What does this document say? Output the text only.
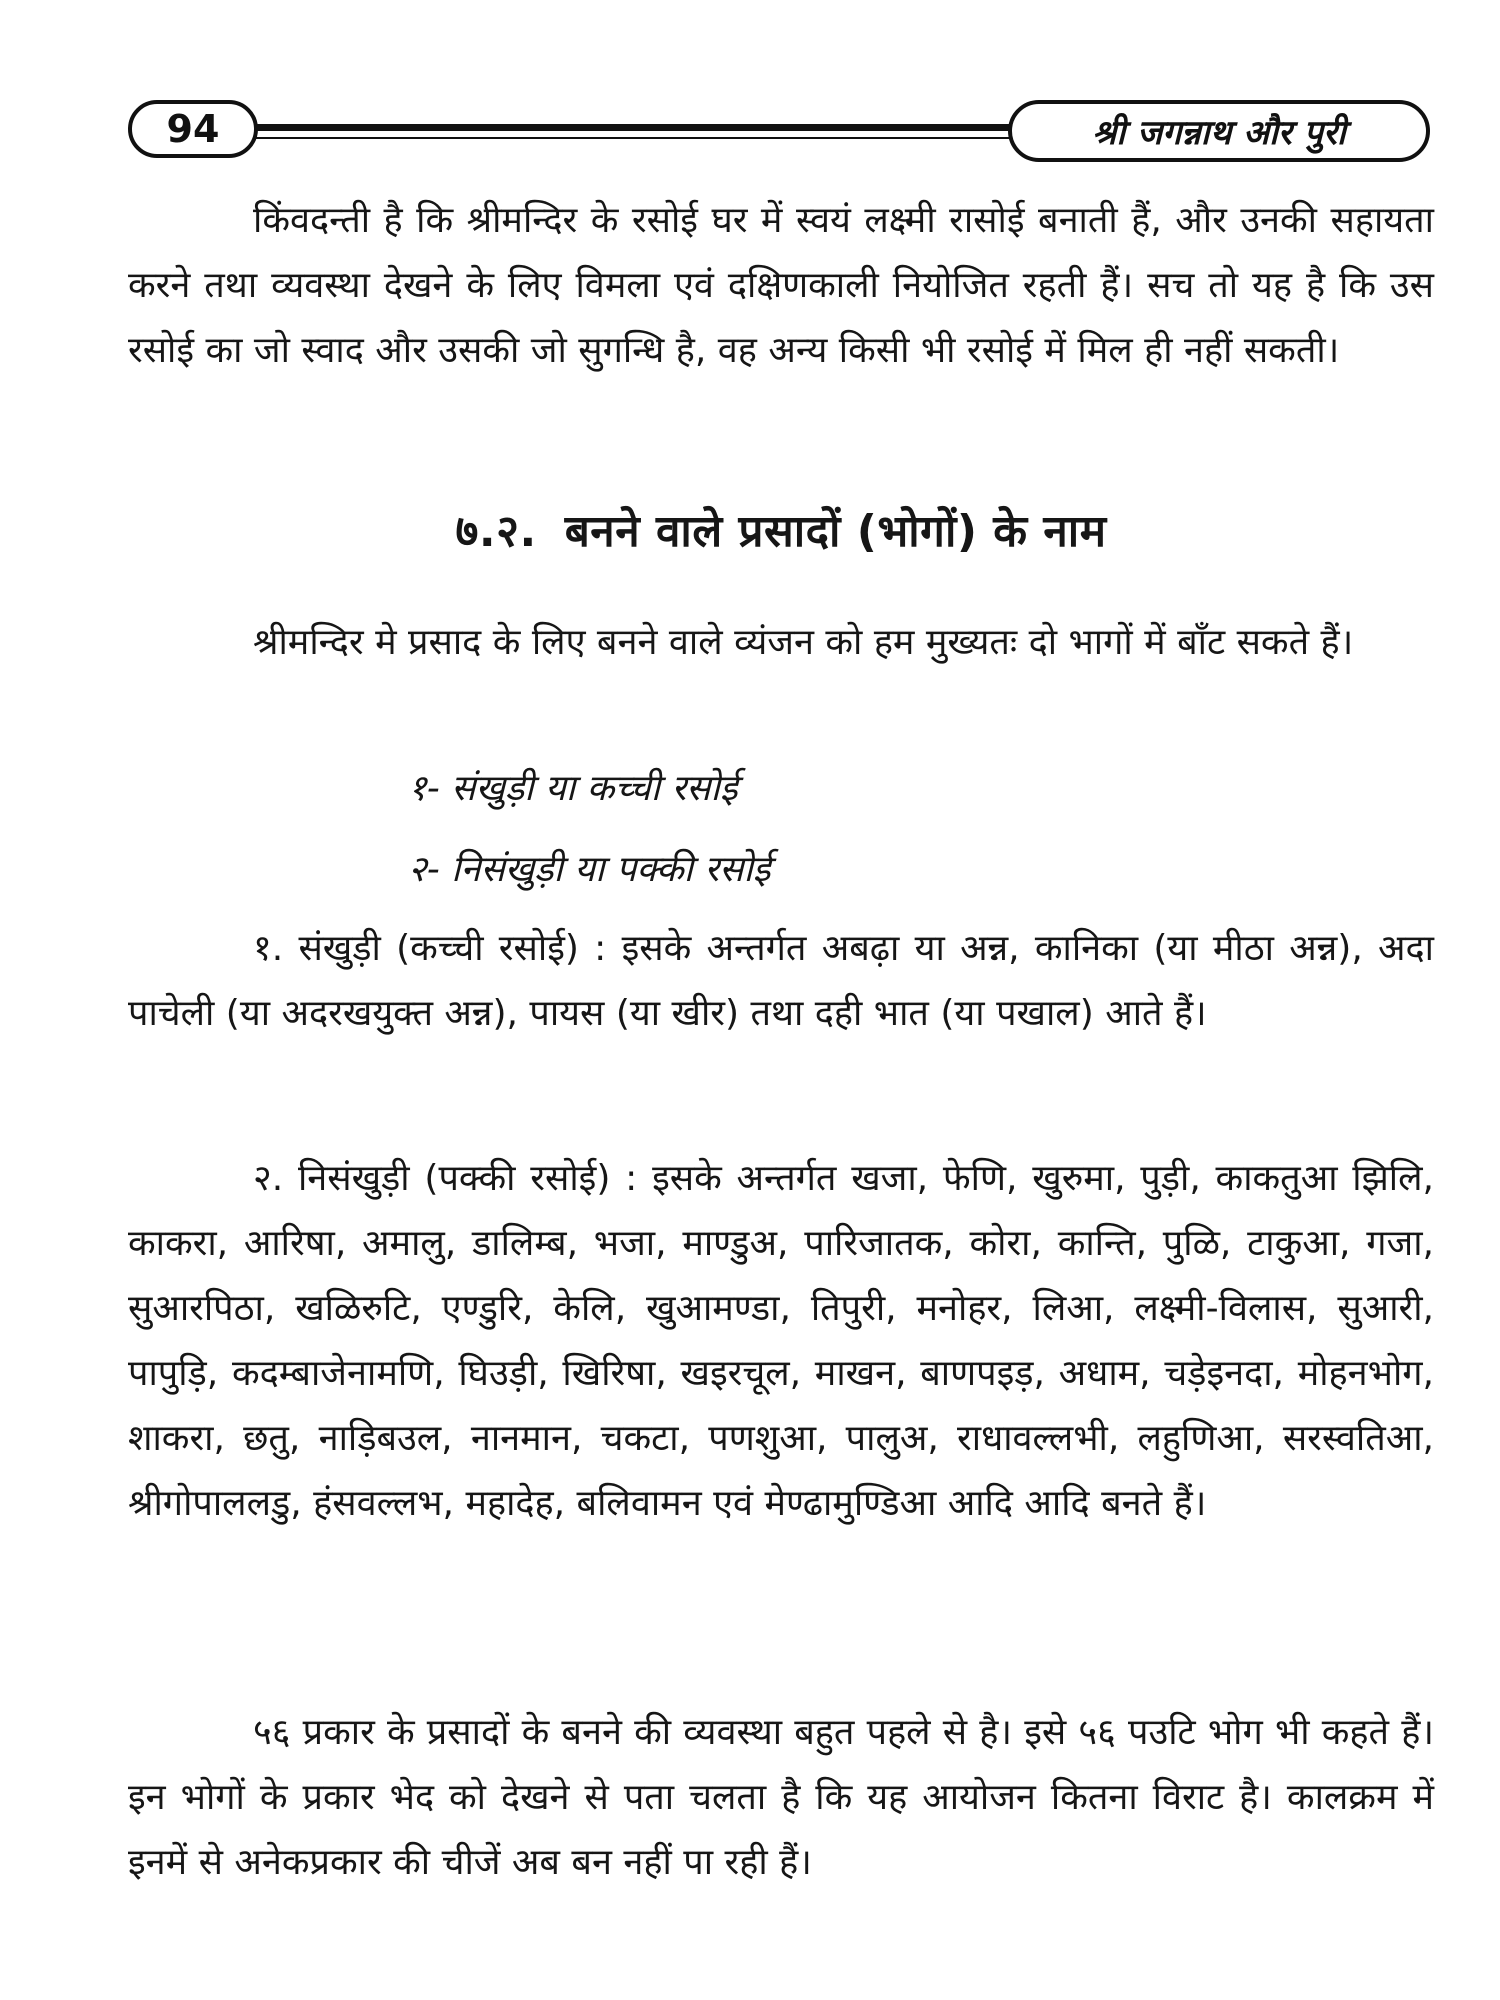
94	श्री जगन्नाथ और पुरी

किंवदन्ती है कि श्रीमन्दिर के रसोई घर में स्वयं लक्ष्मी रासोई बनाती हैं, और उनकी सहायता करने तथा व्यवस्था देखने के लिए विमला एवं दक्षिणकाली नियोजित रहती हैं। सच तो यह है कि उस रसोई का जो स्वाद और उसकी जो सुगन्धि है, वह अन्य किसी भी रसोई में मिल ही नहीं सकती।

७.२. बनने वाले प्रसादों (भोगों) के नाम

श्रीमन्दिर मे प्रसाद के लिए बनने वाले व्यंजन को हम मुख्यतः दो भागों में बाँट सकते हैं।

१- संखुड़ी या कच्ची रसोई

२- निसंखुड़ी या पक्की रसोई

१. संखुड़ी (कच्ची रसोई) : इसके अन्तर्गत अबढ़ा या अन्न, कानिका (या मीठा अन्न), अदा पाचेली (या अदरखयुक्त अन्न), पायस (या खीर) तथा दही भात (या पखाल) आते हैं।

२. निसंखुड़ी (पक्की रसोई) : इसके अन्तर्गत खजा, फेणि, खुरुमा, पुड़ी, काकतुआ झिलि, काकरा, आरिषा, अमालु, डालिम्ब, भजा, माण्डुअ, पारिजातक, कोरा, कान्ति, पुळि, टाकुआ, गजा, सुआरपिठा, खळिरुटि, एण्डुरि, केलि, खुआमण्डा, तिपुरी, मनोहर, लिआ, लक्ष्मी-विलास, सुआरी, पापुड़ि, कदम्बाजेनामणि, घिउड़ी, खिरिषा, खइरचूल, माखन, बाणपइड़, अधाम, चड़ेइनदा, मोहनभोग, शाकरा, छतु, नाड़िबउल, नानमान, चकटा, पणशुआ, पालुअ, राधावल्लभी, लहुणिआ, सरस्वतिआ, श्रीगोपाललडु, हंसवल्लभ, महादेह, बलिवामन एवं मेण्ढामुण्डिआ आदि आदि बनते हैं।

५६ प्रकार के प्रसादों के बनने की व्यवस्था बहुत पहले से है। इसे ५६ पउटि भोग भी कहते हैं। इन भोगों के प्रकार भेद को देखने से पता चलता है कि यह आयोजन कितना विराट है। कालक्रम में इनमें से अनेकप्रकार की चीजें अब बन नहीं पा रही हैं।
